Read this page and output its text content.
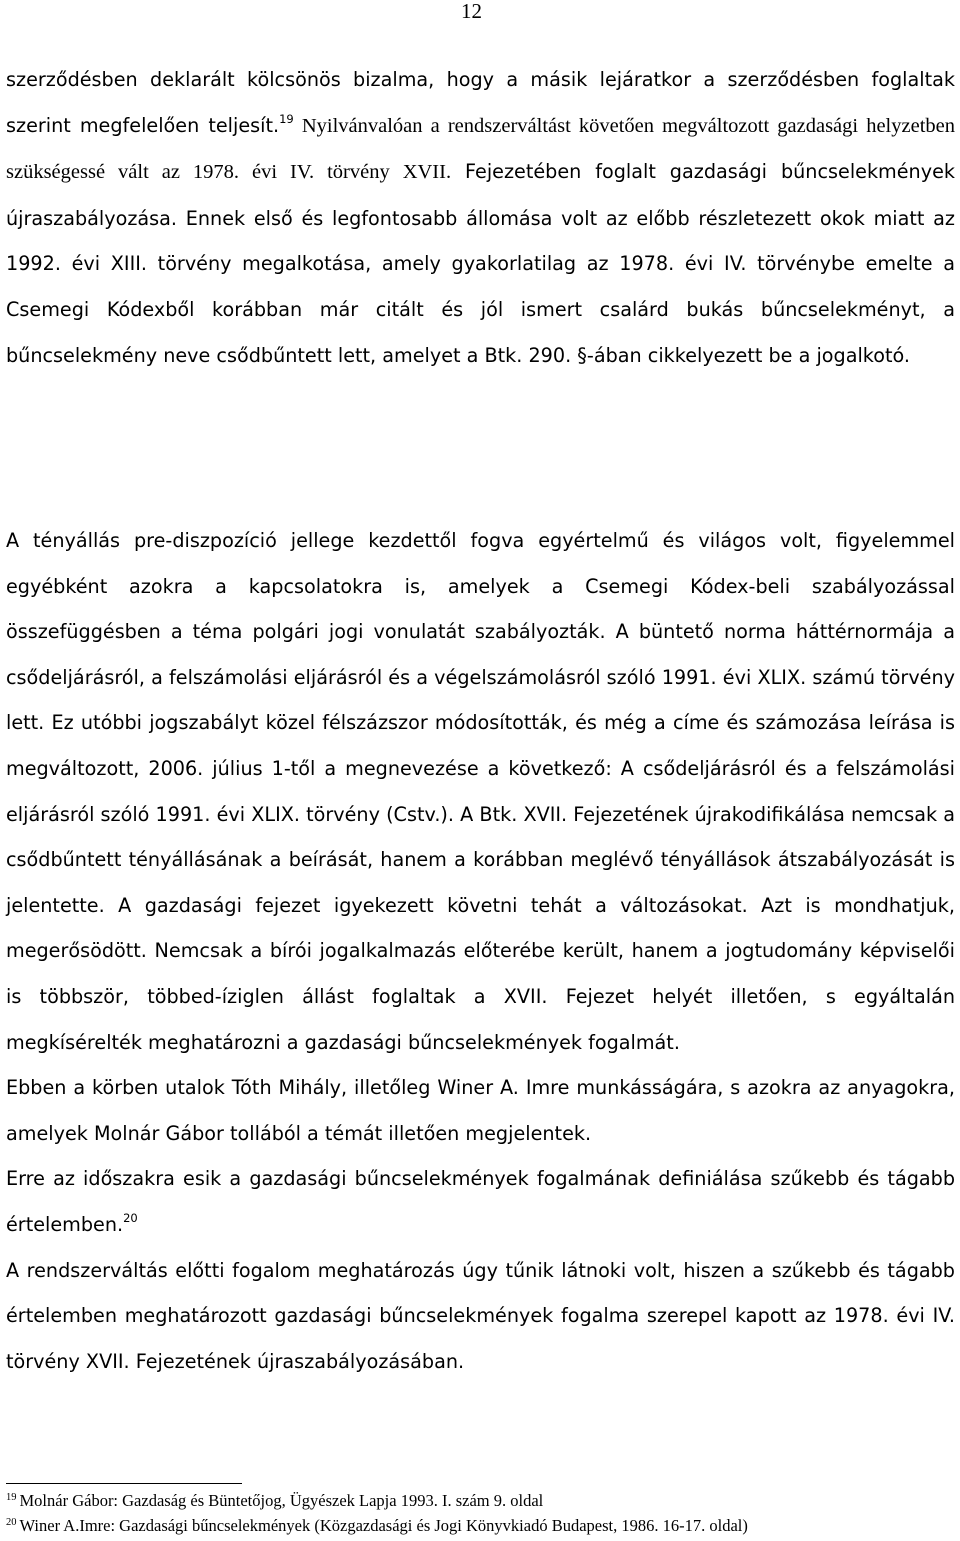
12

szerződésben deklarált kölcsönös bizalma, hogy a másik lejáratkor a szerződésben foglaltak szerint megfelelően teljesít.$^{19}$ Nyilvánvalóan a rendszerváltást követően megváltozott gazdasági helyzetben szükségessé vált az 1978. évi IV. törvény XVII. Fejezetében foglalt gazdasági bűncselekmények újraszabályozása. Ennek első és legfontosabb állomása volt az előbb részletezett okok miatt az 1992. évi XIII. törvény megalkotása, amely gyakorlatilag az 1978. évi IV. törvénybe emelte a Csemegi Kódexből korábban már citált és jól ismert csalárd bukás bűncselekményt, a bűncselekmény neve csődbűntett lett, amelyet a Btk. 290. §-ában cikkelyezett be a jogalkotó.

A tényállás pre-diszpozíció jellege kezdettől fogva egyértelmű és világos volt, figyelemmel egyébként azokra a kapcsolatokra is, amelyek a Csemegi Kódex-beli szabályozással összefüggésben a téma polgári jogi vonulatát szabályozták. A büntető norma háttérnormája a csődeljárásról, a felszámolási eljárásról és a végelszámolásról szóló 1991. évi XLIX. számú törvény lett. Ez utóbbi jogszabályt közel félszázszor módosították, és még a címe és számozása leírása is megváltozott, 2006. július 1-től a megnevezése a következő: A csődeljárásról és a felszámolási eljárásról szóló 1991. évi XLIX. törvény (Cstv.). A Btk. XVII. Fejezetének újrakodifikálása nemcsak a csődbűntett tényállásának a beírását, hanem a korábban meglévő tényállások átszabályozását is jelentette. A gazdasági fejezet igyekezett követni tehát a változásokat. Azt is mondhatjuk, megerősödött. Nemcsak a bírói jogalkalmazás előterébe került, hanem a jogtudomány képviselői is többször, többed-íziglen állást foglaltak a XVII. Fejezet helyét illetően, s egyáltalán megkísérelték meghatározni a gazdasági bűncselekmények fogalmát.

Ebben a körben utalok Tóth Mihály, illetőleg Winer A. Imre munkásságára, s azokra az anyagokra, amelyek Molnár Gábor tollából a témát illetően megjelentek.

Erre az időszakra esik a gazdasági bűncselekmények fogalmának definiálása szűkebb és tágabb értelemben.$^{20}$

A rendszerváltás előtti fogalom meghatározás úgy tűnik látnoki volt, hiszen a szűkebb és tágabb értelemben meghatározott gazdasági bűncselekmények fogalma szerepel kapott az 1978. évi IV. törvény XVII. Fejezetének újraszabályozásában.

$^{19}$ Molnár Gábor: Gazdaság és Büntetőjog, Ügyészek Lapja 1993. I. szám 9. oldal

$^{20}$ Winer A.Imre: Gazdasági bűncselekmények (Közgazdasági és Jogi Könyvkiadó Budapest, 1986. 16-17. oldal)
